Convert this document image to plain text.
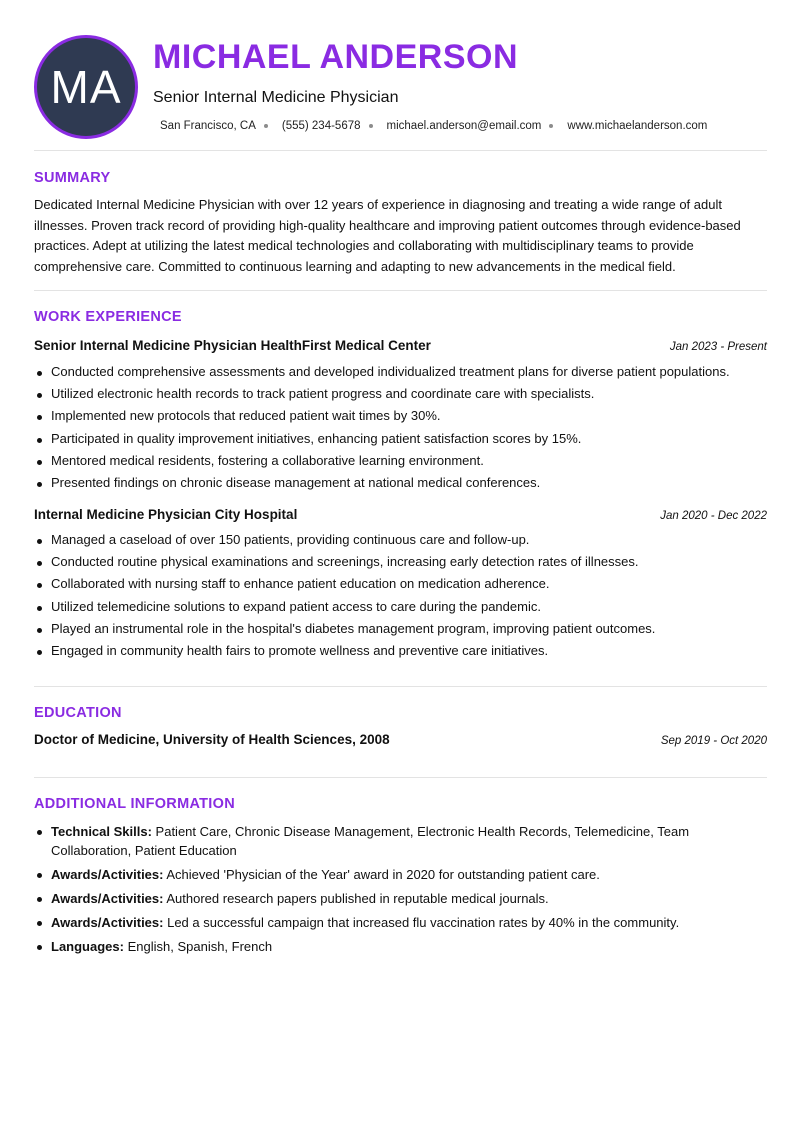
MA
MICHAEL ANDERSON
Senior Internal Medicine Physician
San Francisco, CA (555) 234-5678 michael.anderson@email.com www.michaelanderson.com
SUMMARY
Dedicated Internal Medicine Physician with over 12 years of experience in diagnosing and treating a wide range of adult illnesses. Proven track record of providing high-quality healthcare and improving patient outcomes through evidence-based practices. Adept at utilizing the latest medical technologies and collaborating with multidisciplinary teams to provide comprehensive care. Committed to continuous learning and adapting to new advancements in the medical field.
WORK EXPERIENCE
Senior Internal Medicine Physician HealthFirst Medical Center	Jan 2023 - Present
Conducted comprehensive assessments and developed individualized treatment plans for diverse patient populations.
Utilized electronic health records to track patient progress and coordinate care with specialists.
Implemented new protocols that reduced patient wait times by 30%.
Participated in quality improvement initiatives, enhancing patient satisfaction scores by 15%.
Mentored medical residents, fostering a collaborative learning environment.
Presented findings on chronic disease management at national medical conferences.
Internal Medicine Physician City Hospital	Jan 2020 - Dec 2022
Managed a caseload of over 150 patients, providing continuous care and follow-up.
Conducted routine physical examinations and screenings, increasing early detection rates of illnesses.
Collaborated with nursing staff to enhance patient education on medication adherence.
Utilized telemedicine solutions to expand patient access to care during the pandemic.
Played an instrumental role in the hospital's diabetes management program, improving patient outcomes.
Engaged in community health fairs to promote wellness and preventive care initiatives.
EDUCATION
Doctor of Medicine, University of Health Sciences, 2008	Sep 2019 - Oct 2020
ADDITIONAL INFORMATION
Technical Skills: Patient Care, Chronic Disease Management, Electronic Health Records, Telemedicine, Team Collaboration, Patient Education
Awards/Activities: Achieved 'Physician of the Year' award in 2020 for outstanding patient care.
Awards/Activities: Authored research papers published in reputable medical journals.
Awards/Activities: Led a successful campaign that increased flu vaccination rates by 40% in the community.
Languages: English, Spanish, French
